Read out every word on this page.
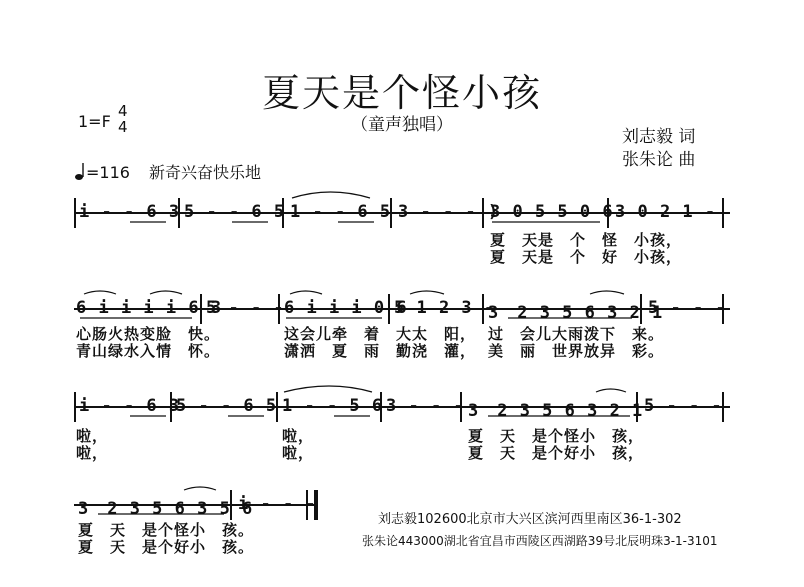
夏天是个怪小孩
（童声独唱）
1=F
4
4	刘志毅 词
张朱论 曲
=116 新奇兴奋快乐地
i - - 6 3 5 - - 6 5 1 - - 6 5 3 - - - )
3 0 5 5 0 6 3 0 2 1 -
夏　天是　个　怪　小孩，
夏　天是　个　好　小孩，
6 i i i i 6 3
5 - - - 6 i i i 0 6
5 1 2 3 -
3　2 3 5 6 3 2 1
5 - - -
心肠火热变脸　快。	这会儿牵　着　大太　阳， 过　会儿大雨泼下　来。
青山绿水入情　怀。	潇洒　夏　雨　勤浇　灌， 美　丽　世界放异　彩。
i - - 6 3
5 - - 6 5 1 - - 5 6 3 - - - 3　2 3 5 6 3 2 1 5 - - -
啦，	啦，	夏　天　是个怪小　孩，
啦，	啦，	夏　天　是个好小　孩，
3　2 3 5 6 3 5 6
i - - -
夏　天　是个怪小　孩。
夏　天　是个好小　孩。
刘志毅102600北京市大兴区滨河西里南区36-1-302
张朱论443000湖北省宜昌市西陵区西湖路39号北辰明珠3-1-3101
